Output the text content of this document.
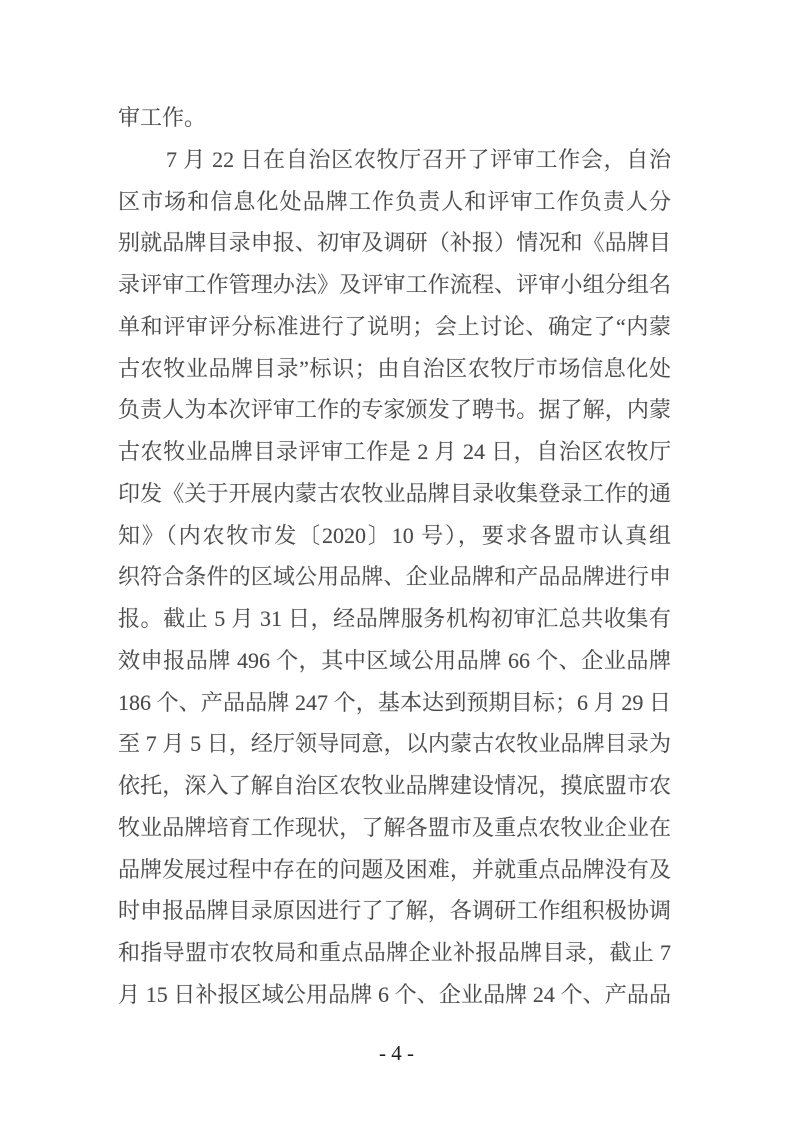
审工作。
7 月 22 日在自治区农牧厅召开了评审工作会，自治
区市场和信息化处品牌工作负责人和评审工作负责人分
别就品牌目录申报、初审及调研（补报）情况和《品牌目
录评审工作管理办法》及评审工作流程、评审小组分组名
单和评审评分标准进行了说明；会上讨论、确定了“内蒙
古农牧业品牌目录”标识；由自治区农牧厅市场信息化处
负责人为本次评审工作的专家颁发了聘书。据了解，内蒙
古农牧业品牌目录评审工作是 2 月 24 日，自治区农牧厅
印发《关于开展内蒙古农牧业品牌目录收集登录工作的通
知》（内农牧市发〔2020〕10 号），要求各盟市认真组
织符合条件的区域公用品牌、企业品牌和产品品牌进行申
报。截止 5 月 31 日，经品牌服务机构初审汇总共收集有
效申报品牌 496 个，其中区域公用品牌 66 个、企业品牌
186 个、产品品牌 247 个，基本达到预期目标；6 月 29 日
至 7 月 5 日，经厅领导同意，以内蒙古农牧业品牌目录为
依托，深入了解自治区农牧业品牌建设情况，摸底盟市农
牧业品牌培育工作现状，了解各盟市及重点农牧业企业在
品牌发展过程中存在的问题及困难，并就重点品牌没有及
时申报品牌目录原因进行了了解，各调研工作组积极协调
和指导盟市农牧局和重点品牌企业补报品牌目录，截止 7
月 15 日补报区域公用品牌 6 个、企业品牌 24 个、产品品
- 4 -
